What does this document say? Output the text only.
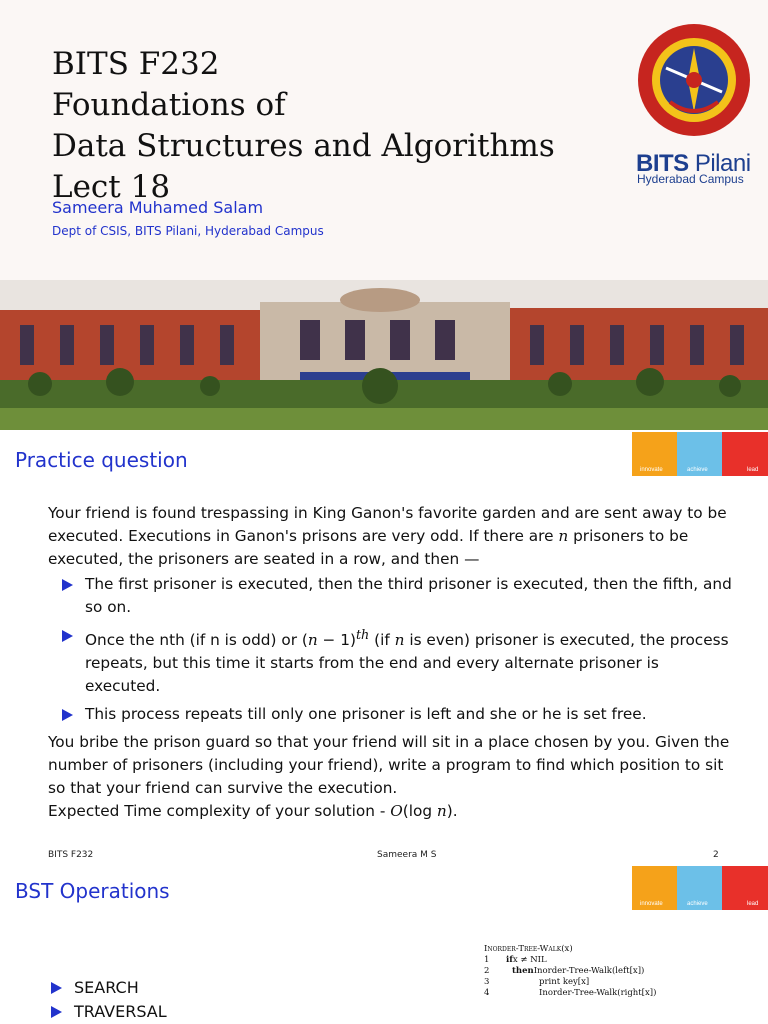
BITS F232
Foundations of
Data Structures and Algorithms
Lect 18
Sameera Muhamed Salam
Dept of CSIS, BITS Pilani, Hyderabad Campus
BITS Pilani
Hyderabad Campus
Practice question	innovate	achieve	lead

Your friend is found trespassing in King Ganon's favorite garden and are sent away to be executed. Executions in Ganon's prisons are very odd. If there are n prisoners to be executed, the prisoners are seated in a row, and then —

The first prisoner is executed, then the third prisoner is executed, then the fifth, and so on.
Once the nth (if n is odd) or $(n - 1)^{th}$ (if n is even) prisoner is executed, the process repeats, but this time it starts from the end and every alternate prisoner is executed.
This process repeats till only one prisoner is left and she or he is set free.

You bribe the prison guard so that your friend will sit in a place chosen by you. Given the number of prisoners (including your friend), write a program to find which position to sit so that your friend can survive the execution.

Expected Time complexity of your solution - O(log n).

BITS F232	Sameera M S	2
BST Operations
innovate	achieve	lead
Inorder-Tree-Walk (x)
1	if x ≠ NIL
2	then Inorder-Tree-Walk(left[x])
3	print key[x]
4	Inorder-Tree-Walk(right[x])
SEARCH
TRAVERSAL
